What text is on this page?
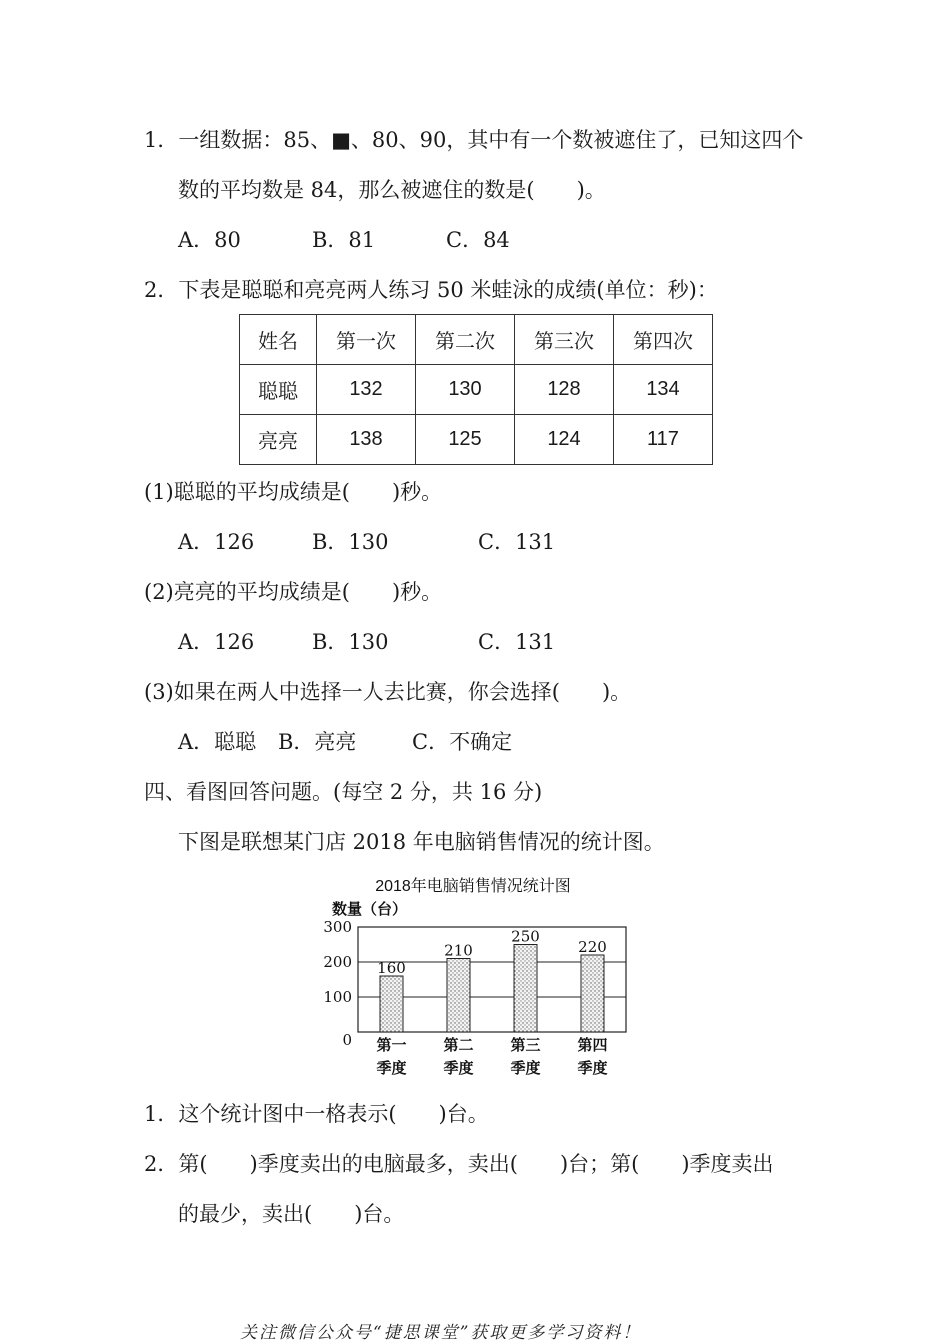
1．一组数据：85、■、80、90，其中有一个数被遮住了，已知这四个
数的平均数是 84，那么被遮住的数是(　　)。
A．80	B．81	C．84
2．下表是聪聪和亮亮两人练习 50 米蛙泳的成绩(单位：秒)：
姓名	第一次	第二次	第三次	第四次
聪聪	132	130	128	134
亮亮	138	125	124	117
(1)聪聪的平均成绩是(　　)秒。
A．126	B．130	C．131
(2)亮亮的平均成绩是(　　)秒。
A．126	B．130	C．131
(3)如果在两人中选择一人去比赛，你会选择(　　)。
A．聪聪 B．亮亮	C．不确定
四、看图回答问题。(每空 2 分，共 16 分)
下图是联想某门店 2018 年电脑销售情况的统计图。
2018年电脑销售情况统计图
数量（台）
0
100
200
300
160
第一
季度
210
第二
季度
250
第三
季度
220
第四
季度
1．这个统计图中一格表示(　　)台。
2．第(　　)季度卖出的电脑最多，卖出(　　)台；第(　　)季度卖出
的最少，卖出(　　)台。
关注微信公众号“捷思课堂”获取更多学习资料！
